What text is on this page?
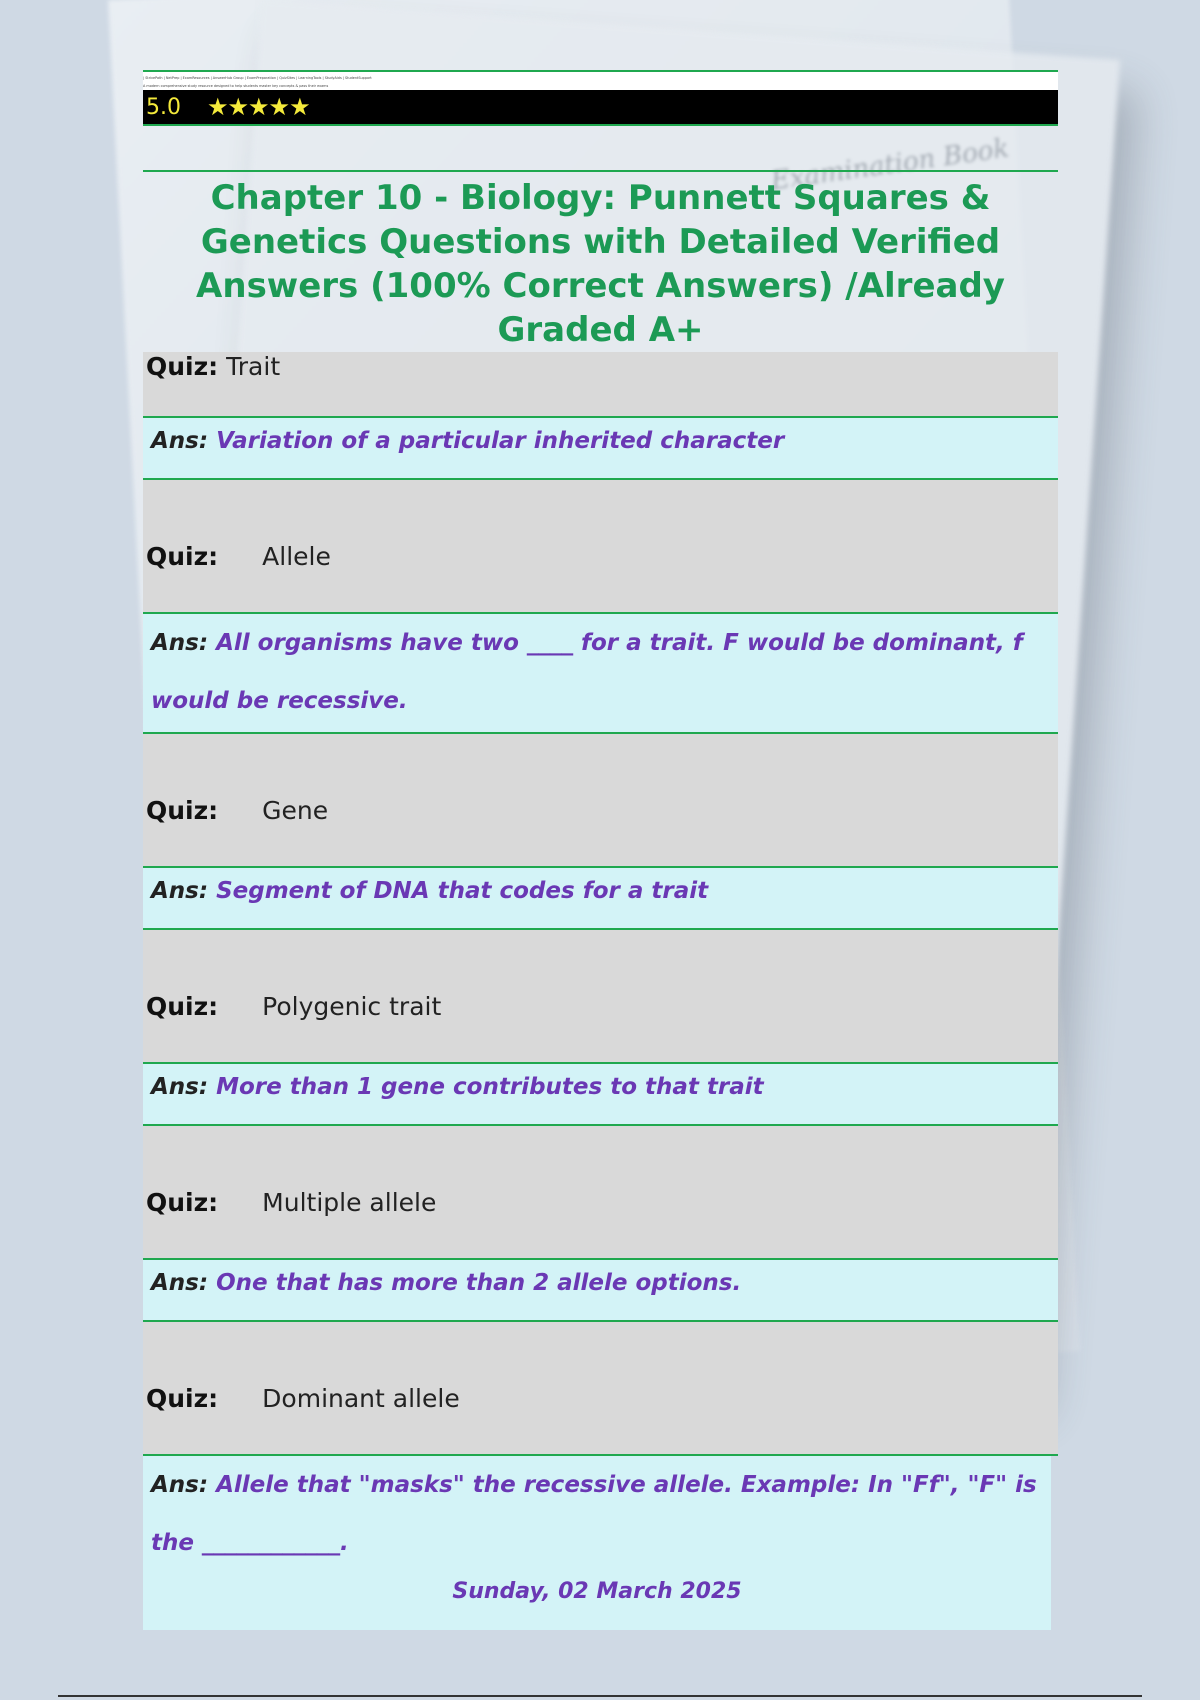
Examination Book
| StrivePath | NetPrep | ExamResources | AnswerHub Group | ExamPreparation | QuizSites | LearningTools | StudyAids | StudentSupport
A modern comprehensive study resource designed to help students master key concepts & pass their exams
5.0 ★★★★★
Chapter 10 - Biology: Punnett Squares & Genetics Questions with Detailed Verified Answers (100% Correct Answers) /Already Graded A+
Quiz: Trait
Ans: Variation of a particular inherited character
Quiz: Allele
Ans: All organisms have two ____ for a trait. F would be dominant, f would be recessive.
Quiz: Gene
Ans: Segment of DNA that codes for a trait
Quiz: Polygenic trait
Ans: More than 1 gene contributes to that trait
Quiz: Multiple allele
Ans: One that has more than 2 allele options.
Quiz: Dominant allele
Ans: Allele that "masks" the recessive allele. Example: In "Ff", "F" is the ____________.
Sunday, 02 March 2025
